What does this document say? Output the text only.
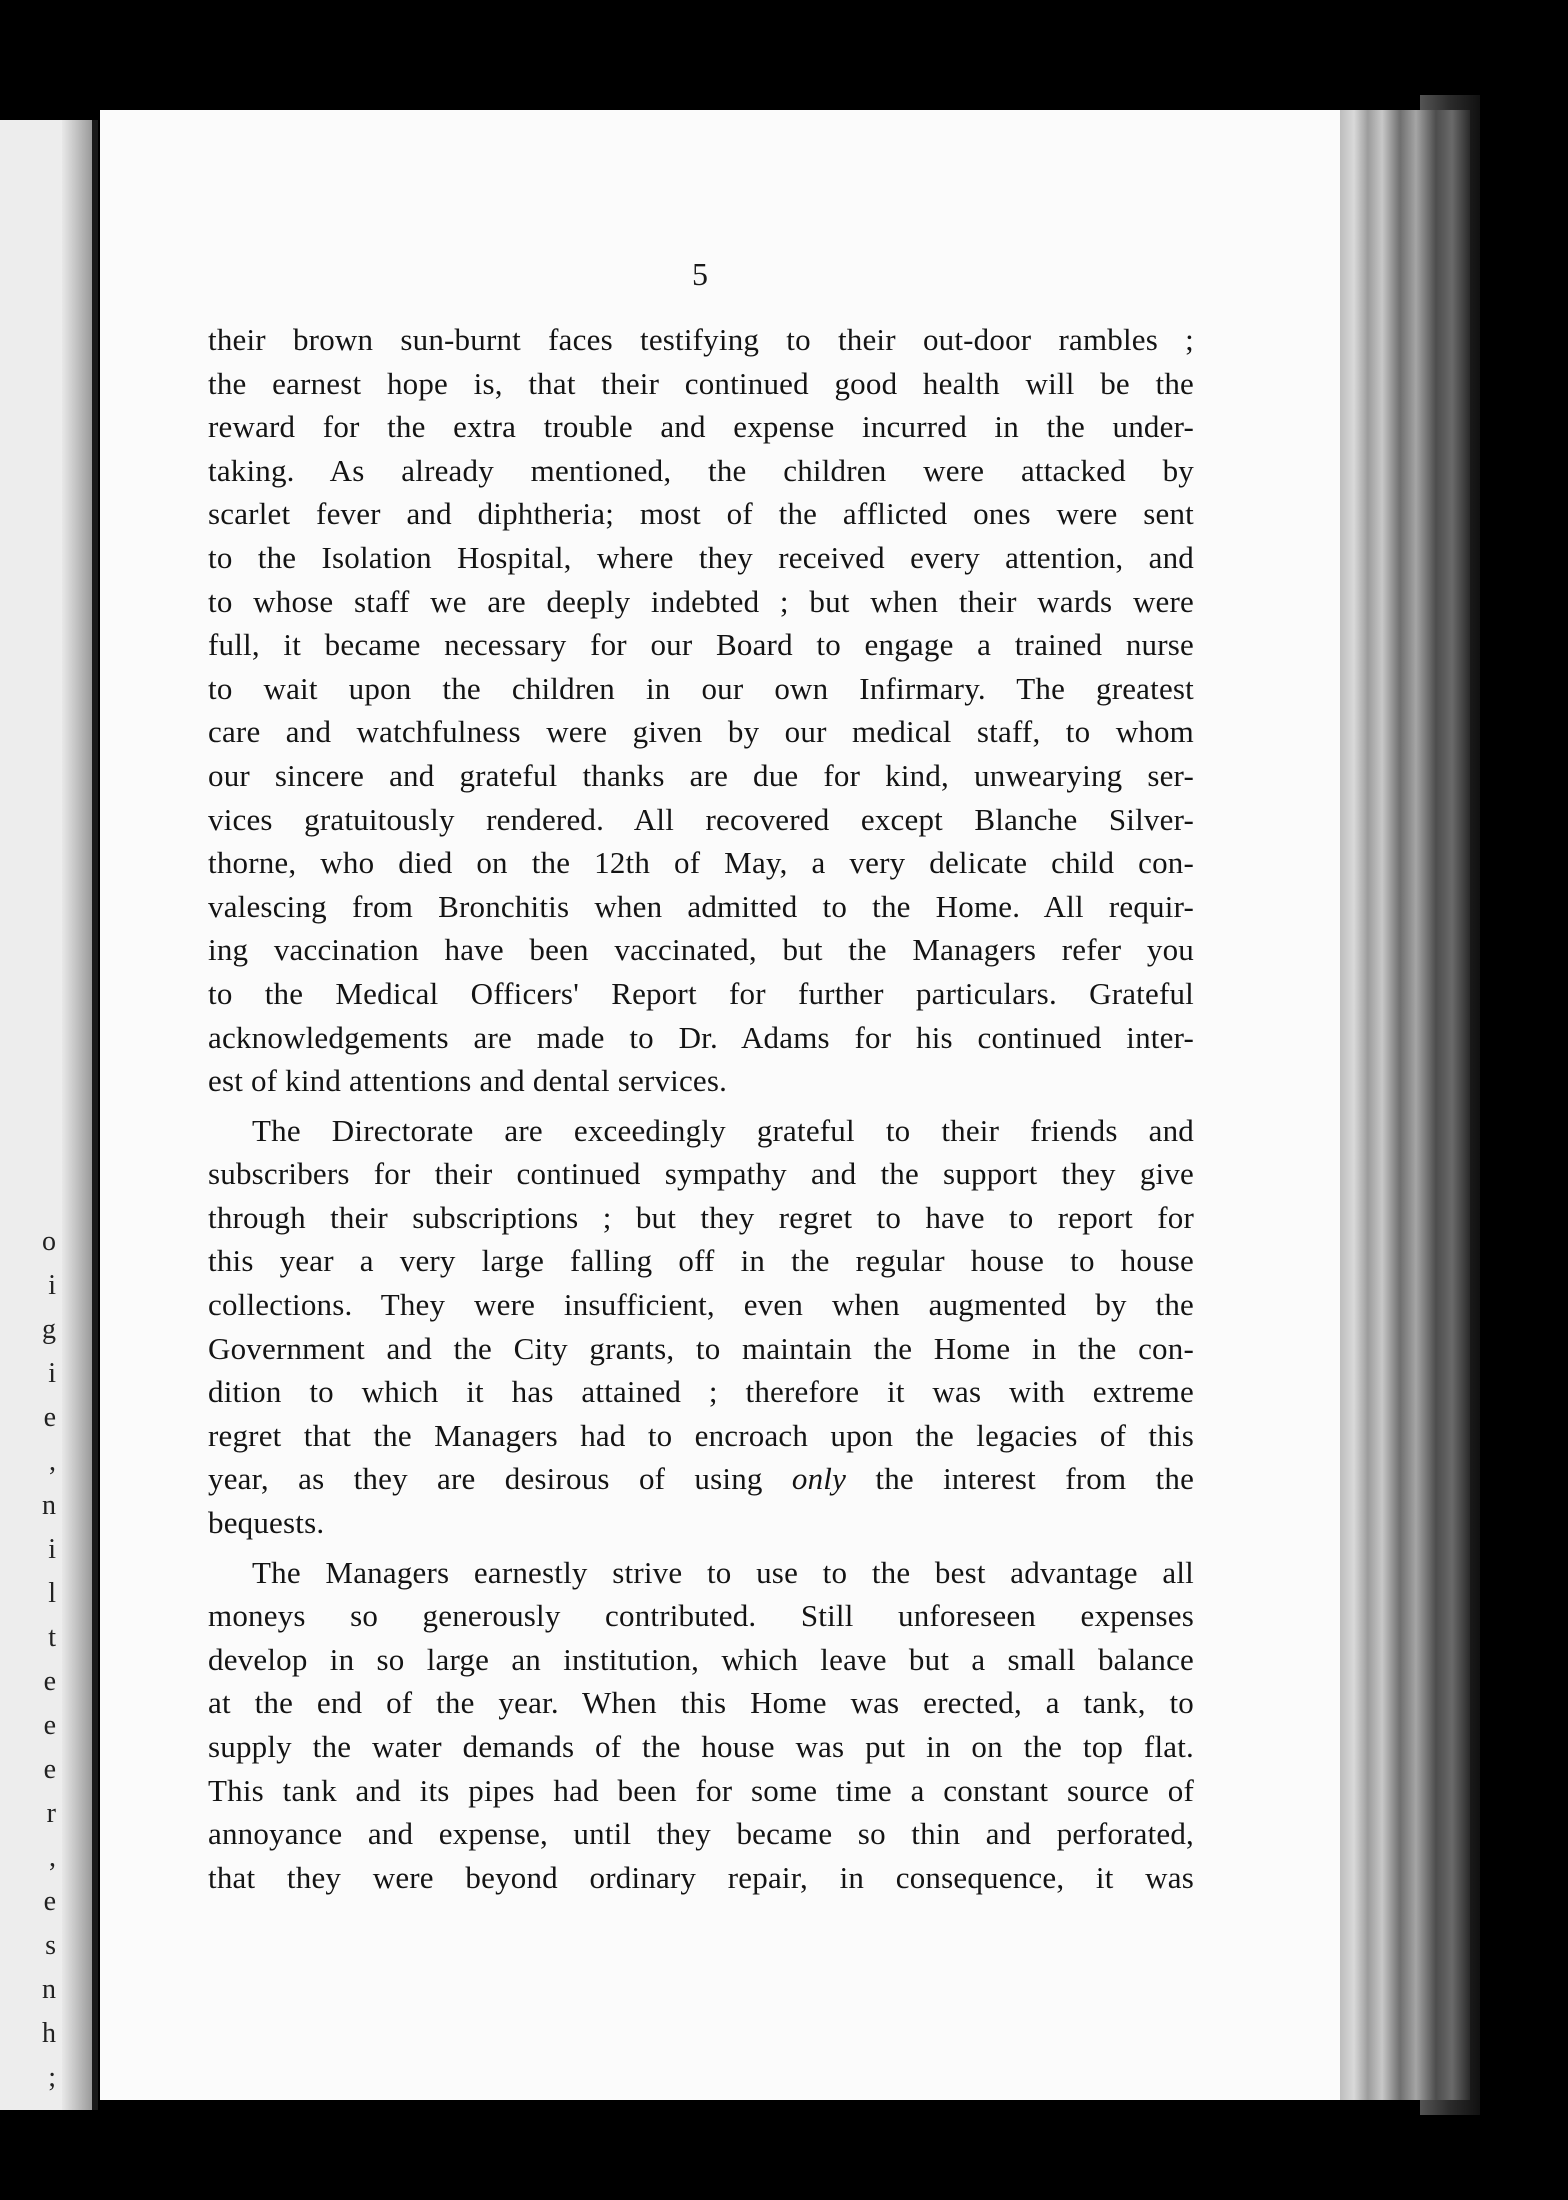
o
i
g
i
e
,
n
i
l
t
e
e
e
r
,
e
s
n
h
;
5
their brown sun-burnt faces testifying to their out-door rambles ;
the earnest hope is, that their continued good health will be the
reward for the extra trouble and expense incurred in the under-
taking. As already mentioned, the children were attacked by
scarlet fever and diphtheria; most of the afflicted ones were sent
to the Isolation Hospital, where they received every attention, and
to whose staff we are deeply indebted ; but when their wards were
full, it became necessary for our Board to engage a trained nurse
to wait upon the children in our own Infirmary. The greatest
care and watchfulness were given by our medical staff, to whom
our sincere and grateful thanks are due for kind, unwearying ser-
vices gratuitously rendered. All recovered except Blanche Silver-
thorne, who died on the 12th of May, a very delicate child con-
valescing from Bronchitis when admitted to the Home. All requir-
ing vaccination have been vaccinated, but the Managers refer you
to the Medical Officers' Report for further particulars. Grateful
acknowledgements are made to Dr. Adams for his continued inter-
est of kind attentions and dental services.
The Directorate are exceedingly grateful to their friends and
subscribers for their continued sympathy and the support they give
through their subscriptions ; but they regret to have to report for
this year a very large falling off in the regular house to house
collections. They were insufficient, even when augmented by the
Government and the City grants, to maintain the Home in the con-
dition to which it has attained ; therefore it was with extreme
regret that the Managers had to encroach upon the legacies of this
year, as they are desirous of using only the interest from the
bequests.
The Managers earnestly strive to use to the best advantage all
moneys so generously contributed. Still unforeseen expenses
develop in so large an institution, which leave but a small balance
at the end of the year. When this Home was erected, a tank, to
supply the water demands of the house was put in on the top flat.
This tank and its pipes had been for some time a constant source of
annoyance and expense, until they became so thin and perforated,
that they were beyond ordinary repair, in consequence, it was
